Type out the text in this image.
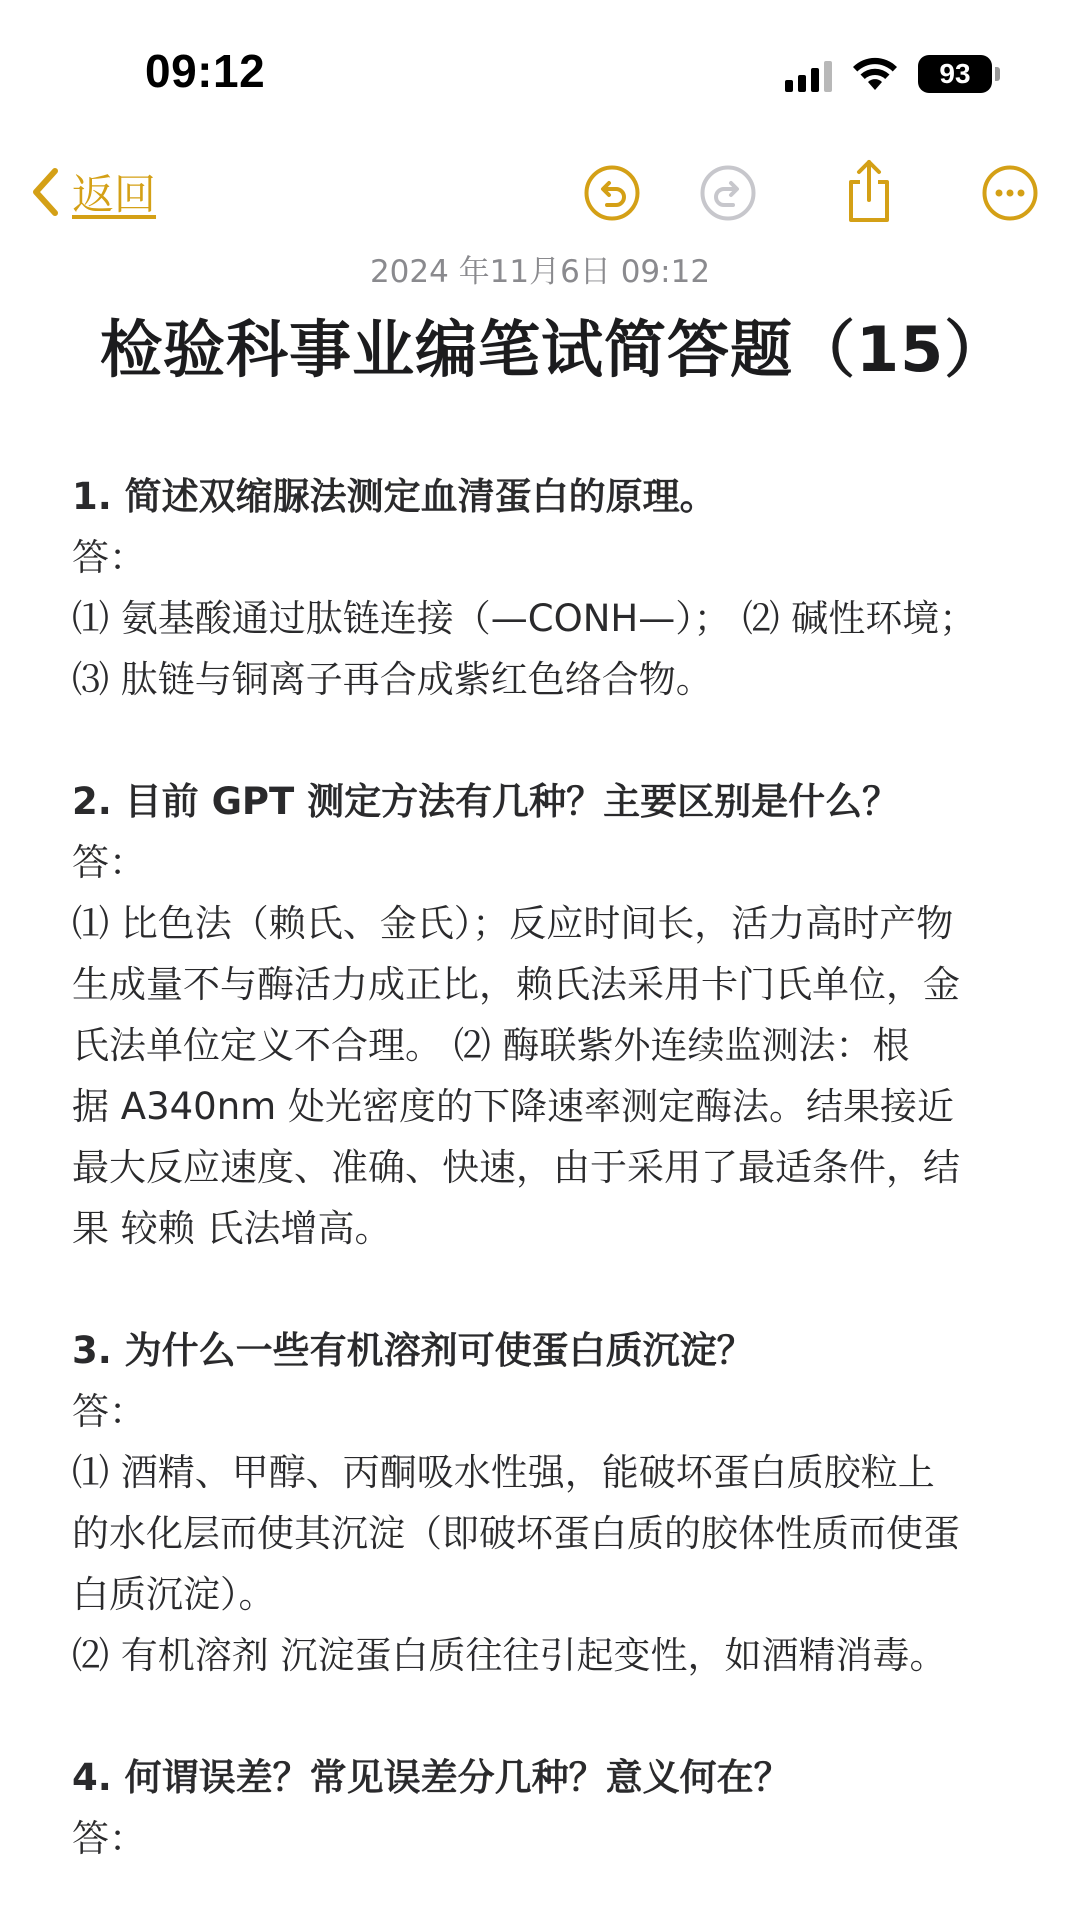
09:12	93
返回
2024 年11月6日 09:12
检验科事业编笔试简答题（15）
1. 简述双缩脲法测定血清蛋白的原理。
答：
⑴ 氨基酸通过肽链连接（—CONH—）； ⑵ 碱性环境；
⑶ 肽链与铜离子再合成紫红色络合物。
2. 目前 GPT 测定方法有几种？主要区别是什么？
答：
⑴ 比色法（赖氏、金氏）；反应时间长，活力高时产物
生成量不与酶活力成正比，赖氏法采用卡门氏单位，金
氏法单位定义不合理。 ⑵ 酶联紫外连续监测法：根
据 A340nm 处光密度的下降速率测定酶法。结果接近
最大反应速度、准确、快速，由于采用了最适条件，结
果 较赖 氏法增高。
3. 为什么一些有机溶剂可使蛋白质沉淀？
答：
⑴ 酒精、甲醇、丙酮吸水性强，能破坏蛋白质胶粒上
的水化层而使其沉淀（即破坏蛋白质的胶体性质而使蛋
白质沉淀）。
⑵ 有机溶剂 沉淀蛋白质往往引起变性，如酒精消毒。
4. 何谓误差？常见误差分几种？意义何在？
答：
